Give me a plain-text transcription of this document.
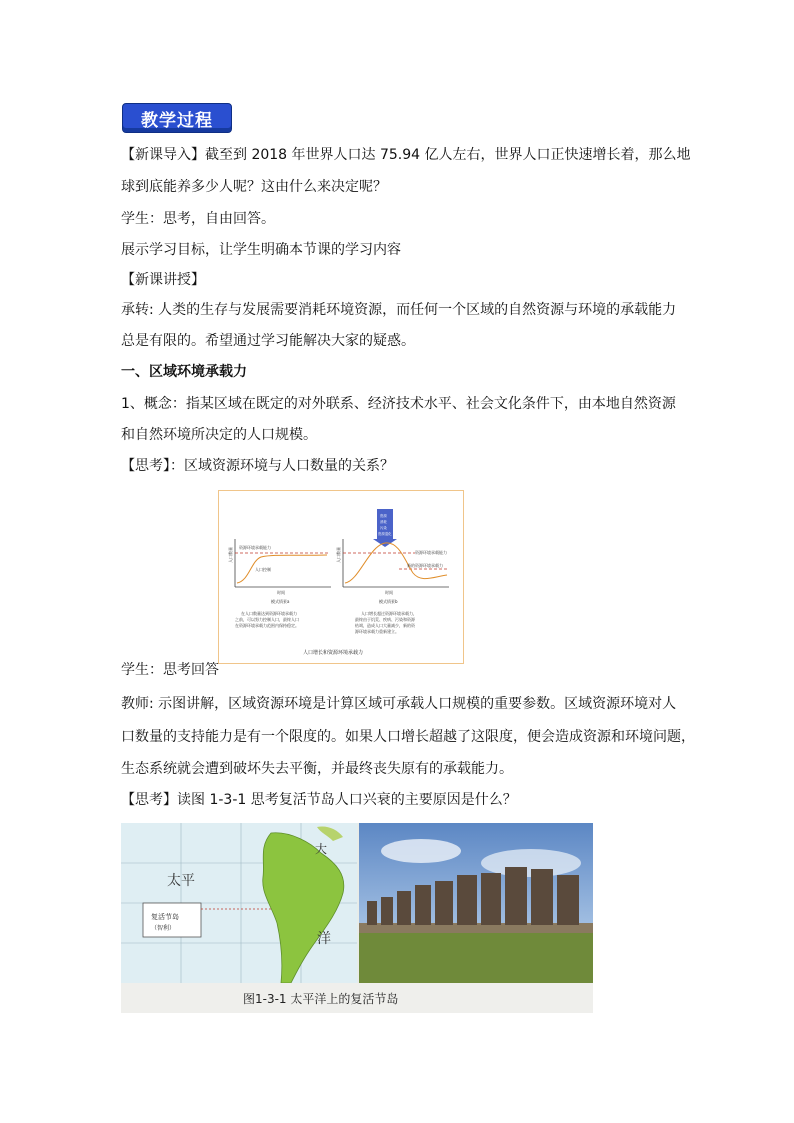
教学过程
【新课导入】截至到 2018 年世界人口达 75.94 亿人左右，世界人口正快速增长着，那么地
球到底能养多少人呢？这由什么来决定呢？
学生：思考，自由回答。
展示学习目标，让学生明确本节课的学习内容
【新课讲授】
承转: 人类的生存与发展需要消耗环境资源，而任何一个区域的自然资源与环境的承载能力
总是有限的。希望通过学习能解决大家的疑惑。
一、区域环境承载力
1、概念：指某区域在既定的对外联系、经济技术水平、社会文化条件下，由本地自然资源
和自然环境所决定的人口规模。
【思考】：区域资源环境与人口数量的关系？
人口数量 资源环境承载能力
人口控制
时间
模式情景a
在人口数量达到资源环境承载力
之前，可以努力控制人口，最终人口
在资源环境承载力范围内保持稳定。
资源
消耗
污染
资源退化
人口数量	资源环境承载能力
新的资源环境承载力
时间
模式情景b
人口增长超过资源环境承载力，
最终由于饥荒、疾病、污染和资源
枯竭，造成人口大量减少，新的资
源环境承载力重新建立。
人口增长和资源环境承载力
学生：思考回答
教师: 示图讲解，区域资源环境是计算区域可承载人口规模的重要参数。区域资源环境对人
口数量的支持能力是有一个限度的。如果人口增长超越了这限度，便会造成资源和环境问题，
生态系统就会遭到破坏失去平衡，并最终丧失原有的承载能力。
【思考】读图 1-3-1 思考复活节岛人口兴衰的主要原因是什么？
太平
洋
大
复活节岛
（智利）
图1-3-1 太平洋上的复活节岛
